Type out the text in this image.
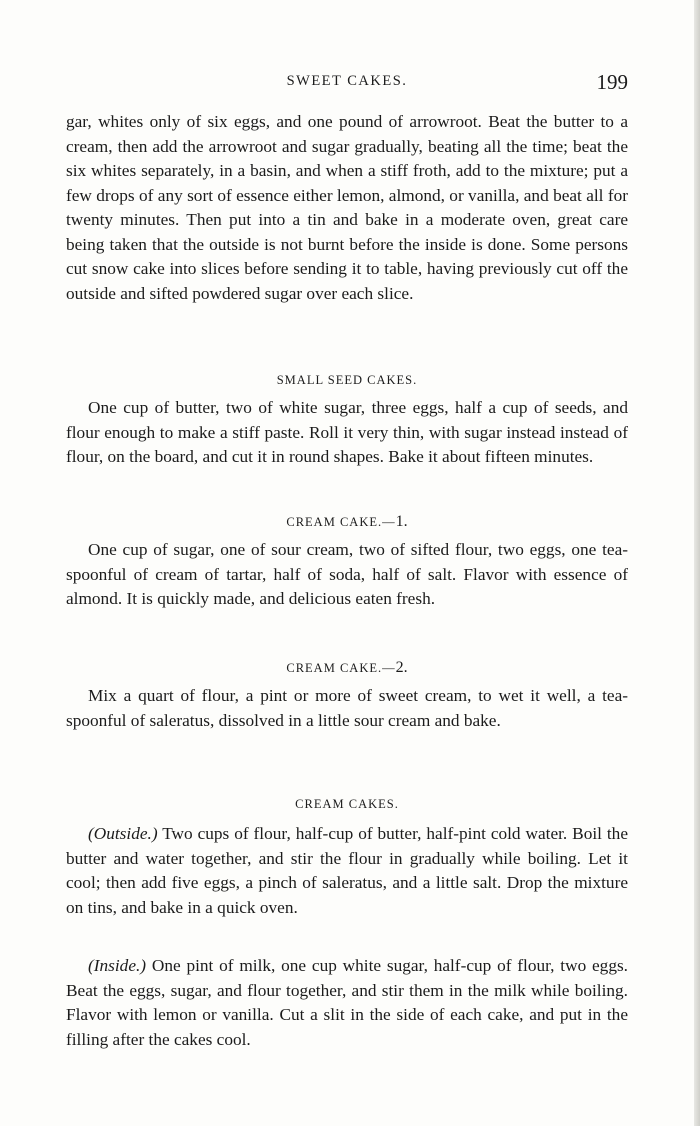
SWEET CAKES.	199

gar, whites only of six eggs, and one pound of arrowroot. Beat the butter to a cream, then add the arrowroot and sugar gradually, beating all the time; beat the six whites separately, in a basin, and when a stiff froth, add to the mixture; put a few drops of any sort of essence either lemon, almond, or vanilla, and beat all for twenty minutes. Then put into a tin and bake in a moderate oven, great care being taken that the outside is not burnt before the inside is done. Some persons cut snow cake into slices before sending it to table, having previously cut off the outside and sifted powdered sugar over each slice.

SMALL SEED CAKES.

One cup of butter, two of white sugar, three eggs, half a cup of seeds, and flour enough to make a stiff paste. Roll it very thin, with sugar instead instead of flour, on the board, and cut it in round shapes. Bake it about fifteen minutes.

CREAM CAKE.—1.

One cup of sugar, one of sour cream, two of sifted flour, two eggs, one tea-spoonful of cream of tartar, half of soda, half of salt. Flavor with essence of almond. It is quickly made, and delicious eaten fresh.

CREAM CAKE.—2.

Mix a quart of flour, a pint or more of sweet cream, to wet it well, a tea-spoonful of saleratus, dissolved in a little sour cream and bake.

CREAM CAKES.

(Outside.) Two cups of flour, half-cup of butter, half-pint cold water. Boil the butter and water together, and stir the flour in gradually while boiling. Let it cool; then add five eggs, a pinch of saleratus, and a little salt. Drop the mixture on tins, and bake in a quick oven.

(Inside.) One pint of milk, one cup white sugar, half-cup of flour, two eggs. Beat the eggs, sugar, and flour together, and stir them in the milk while boiling. Flavor with lemon or vanilla. Cut a slit in the side of each cake, and put in the filling after the cakes cool.
